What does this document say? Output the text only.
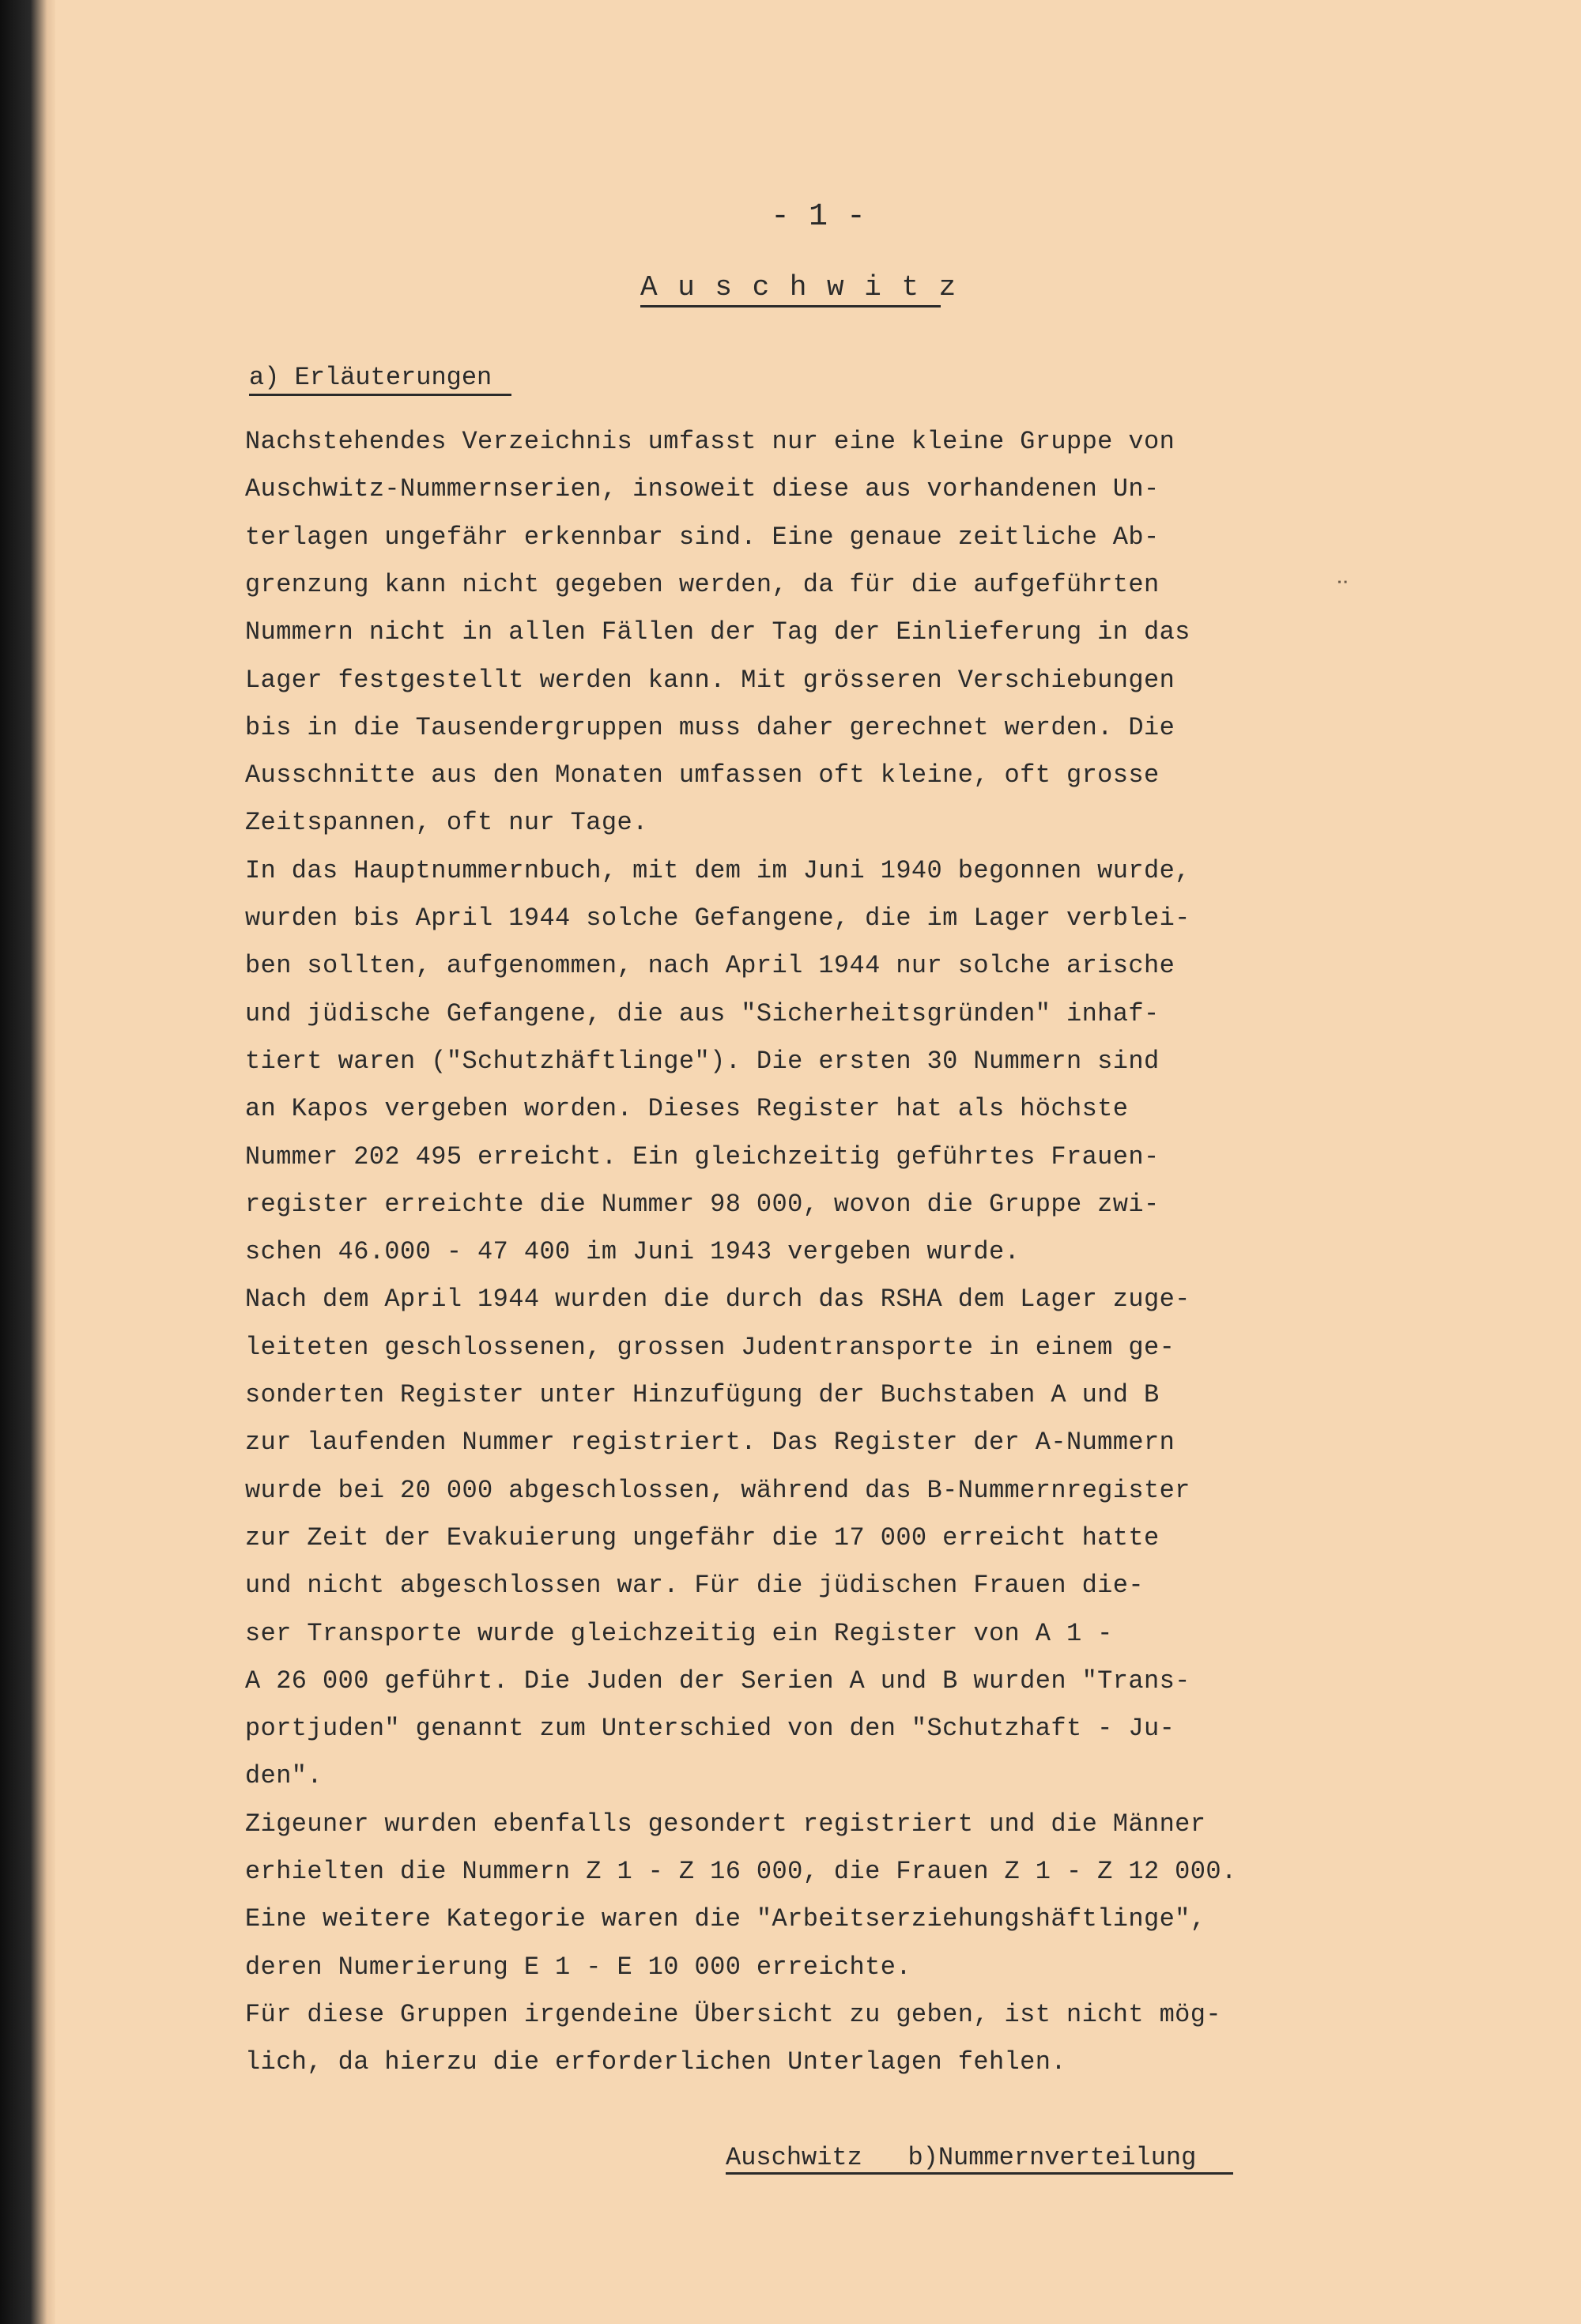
- 1 -
A u s c h w i t z
a) Erläuterungen
Nachstehendes Verzeichnis umfasst nur eine kleine Gruppe von
Auschwitz-Nummernserien, insoweit diese aus vorhandenen Un-
terlagen ungefähr erkennbar sind. Eine genaue zeitliche Ab-
grenzung kann nicht gegeben werden, da für die aufgeführten
Nummern nicht in allen Fällen der Tag der Einlieferung in das
Lager festgestellt werden kann. Mit grösseren Verschiebungen
bis in die Tausendergruppen muss daher gerechnet werden. Die
Ausschnitte aus den Monaten umfassen oft kleine, oft grosse
Zeitspannen, oft nur Tage.
In das Hauptnummernbuch, mit dem im Juni 1940 begonnen wurde,
wurden bis April 1944 solche Gefangene, die im Lager verblei-
ben sollten, aufgenommen, nach April 1944 nur solche arische
und jüdische Gefangene, die aus "Sicherheitsgründen" inhaf-
tiert waren ("Schutzhäftlinge"). Die ersten 30 Nummern sind
an Kapos vergeben worden. Dieses Register hat als höchste
Nummer 202 495 erreicht. Ein gleichzeitig geführtes Frauen-
register erreichte die Nummer 98 000, wovon die Gruppe zwi-
schen 46.000 - 47 400 im Juni 1943 vergeben wurde.
Nach dem April 1944 wurden die durch das RSHA dem Lager zuge-
leiteten geschlossenen, grossen Judentransporte in einem ge-
sonderten Register unter Hinzufügung der Buchstaben A und B
zur laufenden Nummer registriert. Das Register der A-Nummern
wurde bei 20 000 abgeschlossen, während das B-Nummernregister
zur Zeit der Evakuierung ungefähr die 17 000 erreicht hatte
und nicht abgeschlossen war. Für die jüdischen Frauen die-
ser Transporte wurde gleichzeitig ein Register von A 1 -
A 26 000 geführt. Die Juden der Serien A und B wurden "Trans-
portjuden" genannt zum Unterschied von den "Schutzhaft - Ju-
den".
Zigeuner wurden ebenfalls gesondert registriert und die Männer
erhielten die Nummern Z 1 - Z 16 000, die Frauen Z 1 - Z 12 000.
Eine weitere Kategorie waren die "Arbeitserziehungshäftlinge",
deren Numerierung E 1 - E 10 000 erreichte.
Für diese Gruppen irgendeine Übersicht zu geben, ist nicht mög-
lich, da hierzu die erforderlichen Unterlagen fehlen.
Auschwitz   b)Nummernverteilung
ᐧᐧ
